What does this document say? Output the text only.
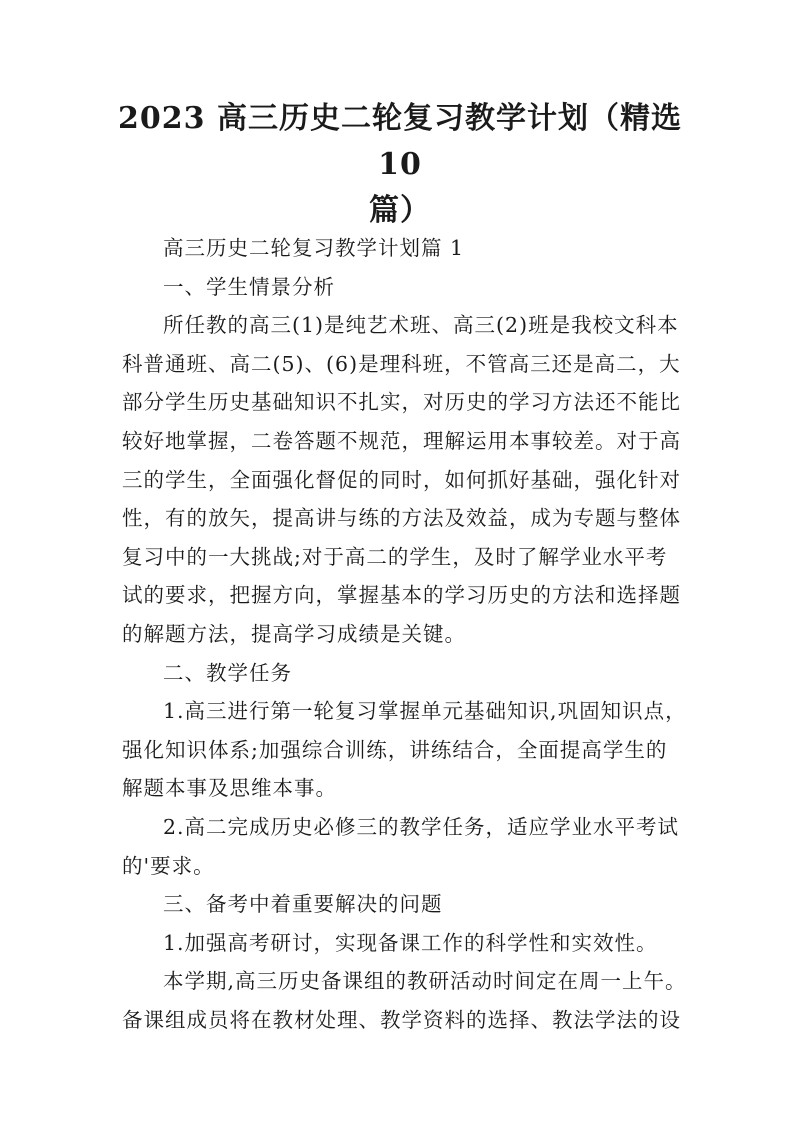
2023 高三历史二轮复习教学计划（精选 10
篇）

高三历史二轮复习教学计划篇 1

一、学生情景分析

所任教的高三(1)是纯艺术班、高三(2)班是我校文科本

科普通班、高二(5)、(6)是理科班，不管高三还是高二，大

部分学生历史基础知识不扎实，对历史的学习方法还不能比

较好地掌握，二卷答题不规范，理解运用本事较差。对于高

三的学生，全面强化督促的同时，如何抓好基础，强化针对

性，有的放矢，提高讲与练的方法及效益，成为专题与整体

复习中的一大挑战;对于高二的学生，及时了解学业水平考

试的要求，把握方向，掌握基本的学习历史的方法和选择题

的解题方法，提高学习成绩是关键。

二、教学任务

1.高三进行第一轮复习掌握单元基础知识,巩固知识点，

强化知识体系;加强综合训练，讲练结合，全面提高学生的

解题本事及思维本事。

2.高二完成历史必修三的教学任务，适应学业水平考试

的'要求。

三、备考中着重要解决的问题

1.加强高考研讨，实现备课工作的科学性和实效性。

本学期,高三历史备课组的教研活动时间定在周一上午。

备课组成员将在教材处理、教学资料的选择、教法学法的设
